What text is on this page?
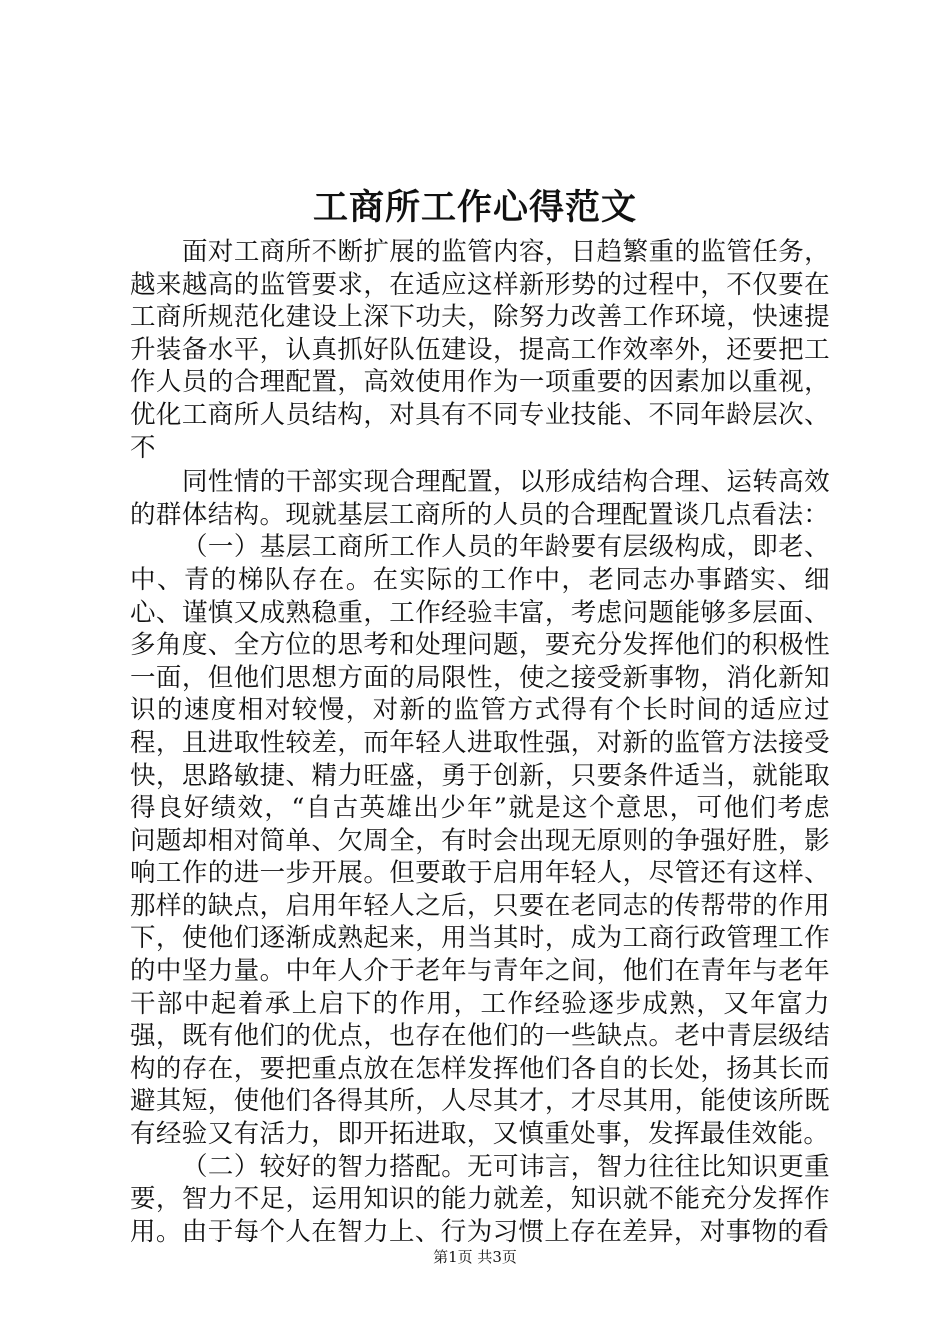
工商所工作心得范文

面对工商所不断扩展的监管内容，日趋繁重的监管任务，越来越高的监管要求，在适应这样新形势的过程中，不仅要在工商所规范化建设上深下功夫，除努力改善工作环境，快速提升装备水平，认真抓好队伍建设，提高工作效率外，还要把工作人员的合理配置，高效使用作为一项重要的因素加以重视，优化工商所人员结构，对具有不同专业技能、不同年龄层次、不

同性情的干部实现合理配置，以形成结构合理、运转高效的群体结构。现就基层工商所的人员的合理配置谈几点看法：

（一）基层工商所工作人员的年龄要有层级构成，即老、中、青的梯队存在。在实际的工作中，老同志办事踏实、细心、谨慎又成熟稳重，工作经验丰富，考虑问题能够多层面、多角度、全方位的思考和处理问题，要充分发挥他们的积极性一面，但他们思想方面的局限性，使之接受新事物，消化新知识的速度相对较慢，对新的监管方式得有个长时间的适应过程，且进取性较差，而年轻人进取性强，对新的监管方法接受快，思路敏捷、精力旺盛，勇于创新，只要条件适当，就能取得良好绩效，“自古英雄出少年”就是这个意思，可他们考虑问题却相对简单、欠周全，有时会出现无原则的争强好胜，影响工作的进一步开展。但要敢于启用年轻人，尽管还有这样、那样的缺点，启用年轻人之后，只要在老同志的传帮带的作用下，使他们逐渐成熟起来，用当其时，成为工商行政管理工作的中坚力量。中年人介于老年与青年之间，他们在青年与老年干部中起着承上启下的作用，工作经验逐步成熟，又年富力强，既有他们的优点，也存在他们的一些缺点。老中青层级结构的存在，要把重点放在怎样发挥他们各自的长处，扬其长而避其短，使他们各得其所，人尽其才，才尽其用，能使该所既有经验又有活力，即开拓进取，又慎重处事，发挥最佳效能。

（二）较好的智力搭配。无可讳言，智力往往比知识更重要，智力不足，运用知识的能力就差，知识就不能充分发挥作用。由于每个人在智力上、行为习惯上存在差异，对事物的看

第1页 共3页
